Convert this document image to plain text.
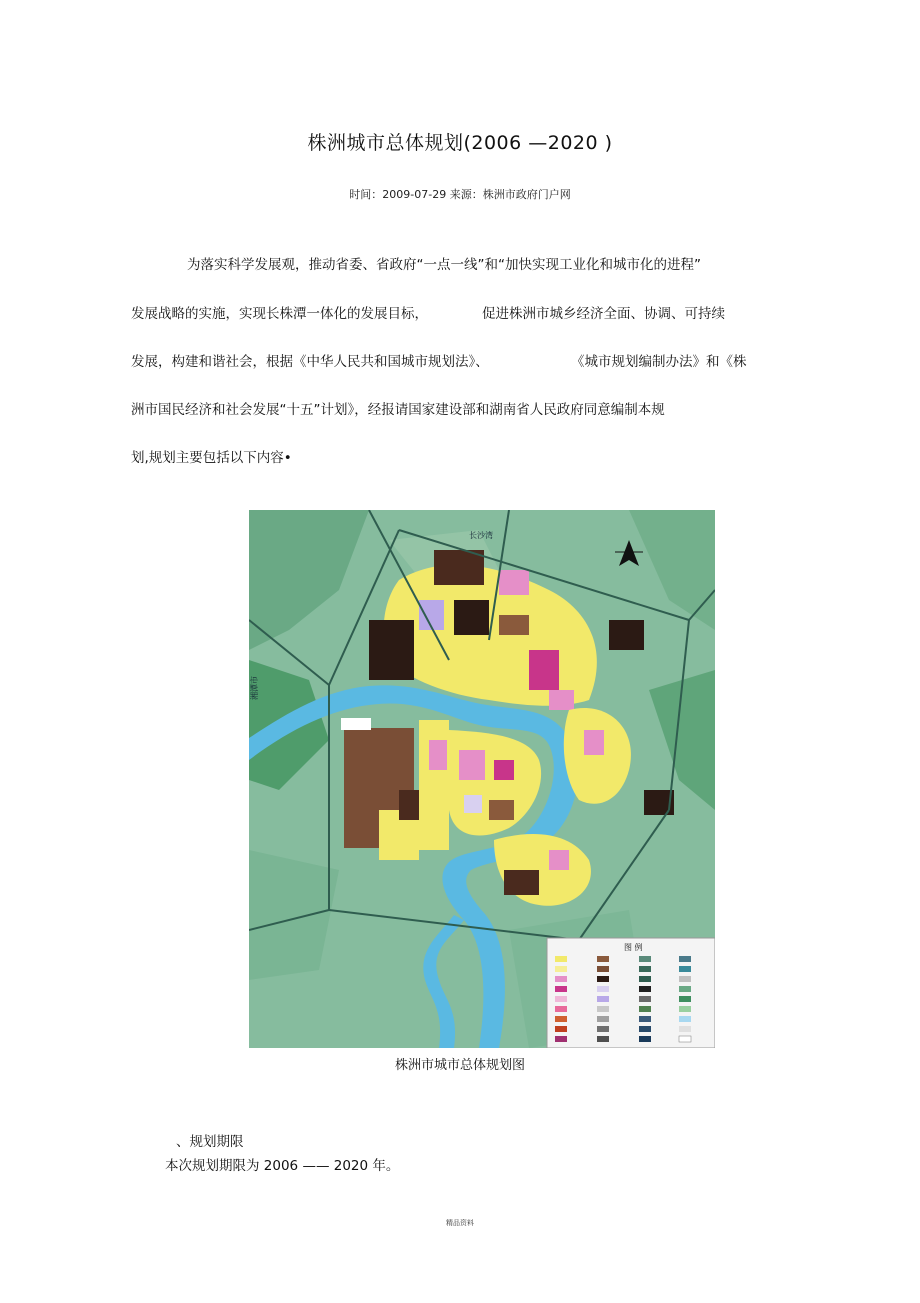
株洲城市总体规划(2006 —2020 )
时间：2009-07-29 来源：株洲市政府门户网
为落实科学发展观，推动省委、省政府“一点一线”和“加快实现工业化和城市化的进程”
发展战略的实施，实现长株潭一体化的发展目标，	促进株洲市城乡经济全面、协调、可持续
发展，构建和谐社会，根据《中华人民共和国城市规划法》、	《城市规划编制办法》和《株
洲市国民经济和社会发展“十五”计划》，经报请国家建设部和湖南省人民政府同意编制本规
划,规划主要包括以下内容•
长沙湾
湘潭市
图 例
株洲市城市总体规划图
、规划期限
本次规划期限为 2006 —— 2020 年。
精品资料
